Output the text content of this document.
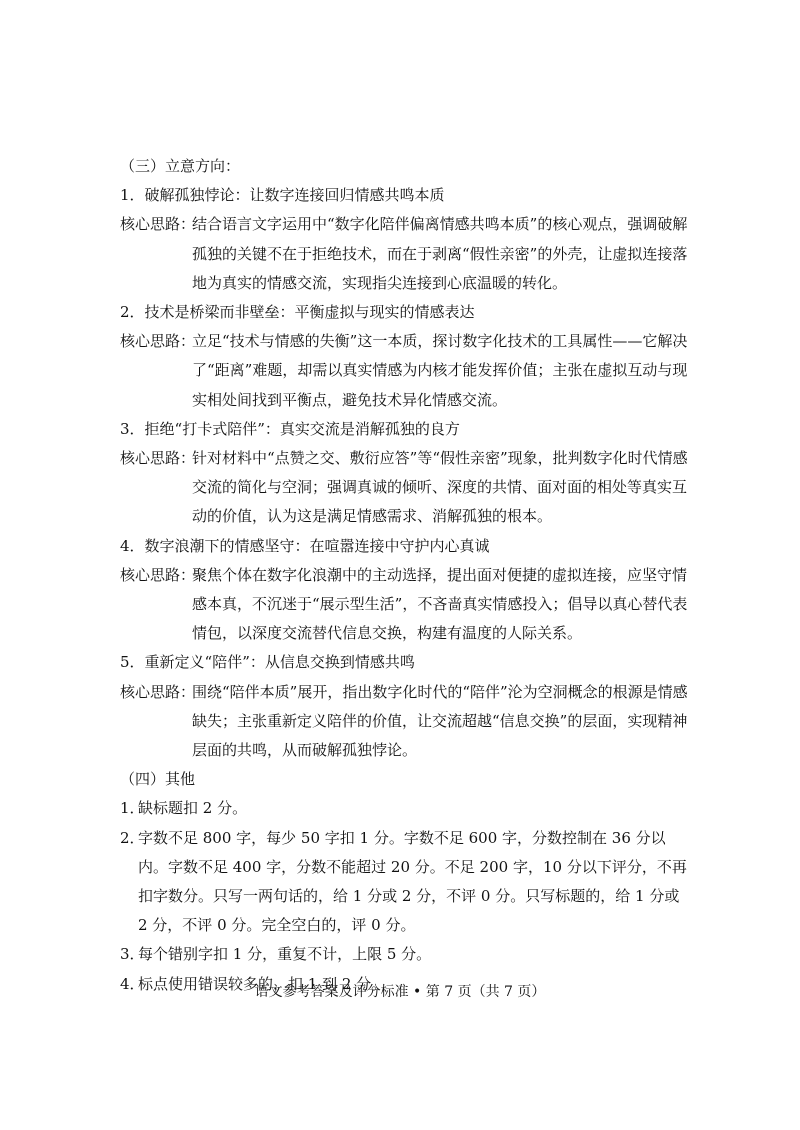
（三）立意方向：

1．破解孤独悖论：让数字连接回归情感共鸣本质

核心思路：
结合语言文字运用中“数字化陪伴偏离情感共鸣本质”的核心观点，强调破解孤独的关键不在于拒绝技术，而在于剥离“假性亲密”的外壳，让虚拟连接落地为真实的情感交流，实现指尖连接到心底温暖的转化。

2．技术是桥梁而非壁垒：平衡虚拟与现实的情感表达

核心思路：
立足“技术与情感的失衡”这一本质，探讨数字化技术的工具属性——它解决了“距离”难题，却需以真实情感为内核才能发挥价值；主张在虚拟互动与现实相处间找到平衡点，避免技术异化情感交流。

3．拒绝“打卡式陪伴”：真实交流是消解孤独的良方

核心思路：
针对材料中“点赞之交、敷衍应答”等“假性亲密”现象，批判数字化时代情感交流的简化与空洞；强调真诚的倾听、深度的共情、面对面的相处等真实互动的价值，认为这是满足情感需求、消解孤独的根本。

4．数字浪潮下的情感坚守：在喧嚣连接中守护内心真诚

核心思路：
聚焦个体在数字化浪潮中的主动选择，提出面对便捷的虚拟连接，应坚守情感本真，不沉迷于“展示型生活”，不吝啬真实情感投入；倡导以真心替代表情包，以深度交流替代信息交换，构建有温度的人际关系。

5．重新定义“陪伴”：从信息交换到情感共鸣

核心思路：
围绕“陪伴本质”展开，指出数字化时代的“陪伴”沦为空洞概念的根源是情感缺失；主张重新定义陪伴的价值，让交流超越“信息交换”的层面，实现精神层面的共鸣，从而破解孤独悖论。

（四）其他

1．
缺标题扣 2 分。
2．
字数不足 800 字，每少 50 字扣 1 分。字数不足 600 字，分数控制在 36 分以内。字数不足 400 字，分数不能超过 20 分。不足 200 字，10 分以下评分，不再扣字数分。只写一两句话的，给 1 分或 2 分，不评 0 分。只写标题的，给 1 分或 2 分，不评 0 分。完全空白的，评 0 分。
3．
每个错别字扣 1 分，重复不计，上限 5 分。
4．
标点使用错误较多的，扣 1 到 2 分。
语文参考答案及评分标准 • 第 7 页（共 7 页）
